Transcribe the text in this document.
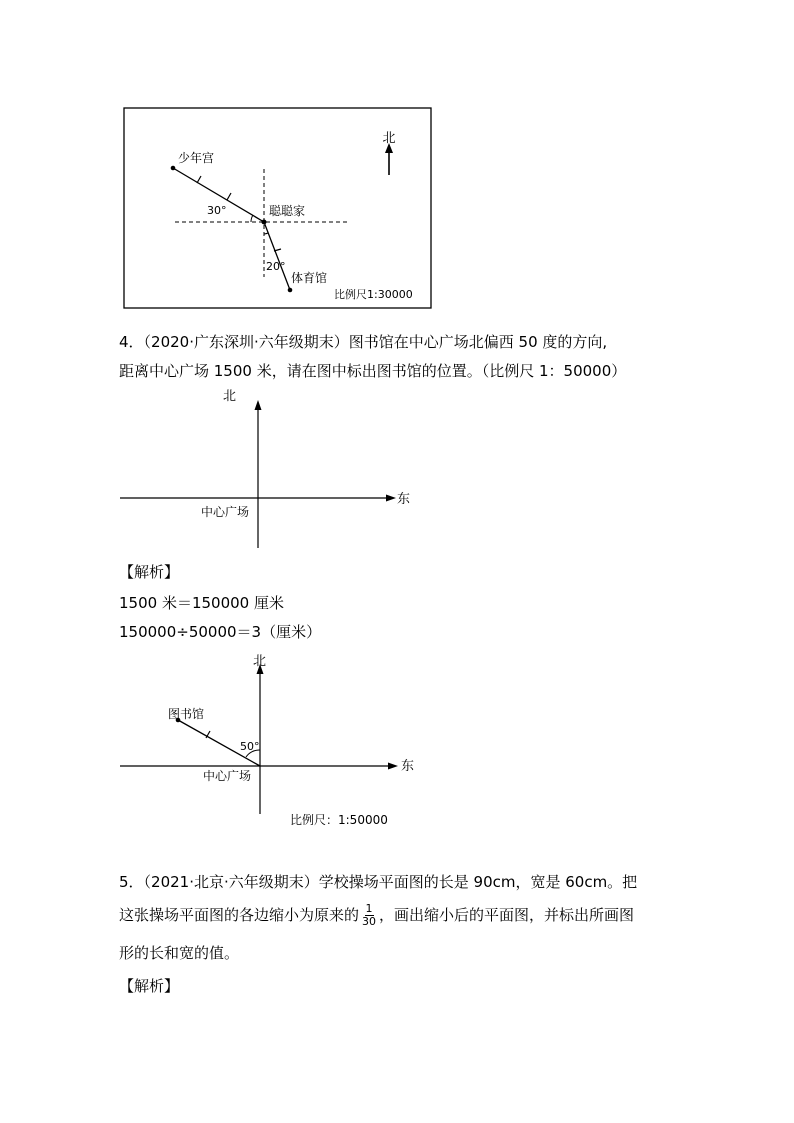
北
少年宫
体育馆
聪聪家
30°
20°
比例尺1:30000
4．（2020·广东深圳·六年级期末）图书馆在中心广场北偏西 50 度的方向,
距离中心广场 1500 米，请在图中标出图书馆的位置。（比例尺 1：50000）
北
东
中心广场
【解析】
1500 米＝150000 厘米
150000÷50000＝3（厘米）
北
东
中心广场
图书馆
50°
比例尺：1:50000
5．（2021·北京·六年级期末）学校操场平面图的长是 90cm，宽是 60cm。把
这张操场平面图的各边缩小为原来的 $\frac{1}{30}$ ，画出缩小后的平面图，并标出所画图
形的长和宽的值。
【解析】
